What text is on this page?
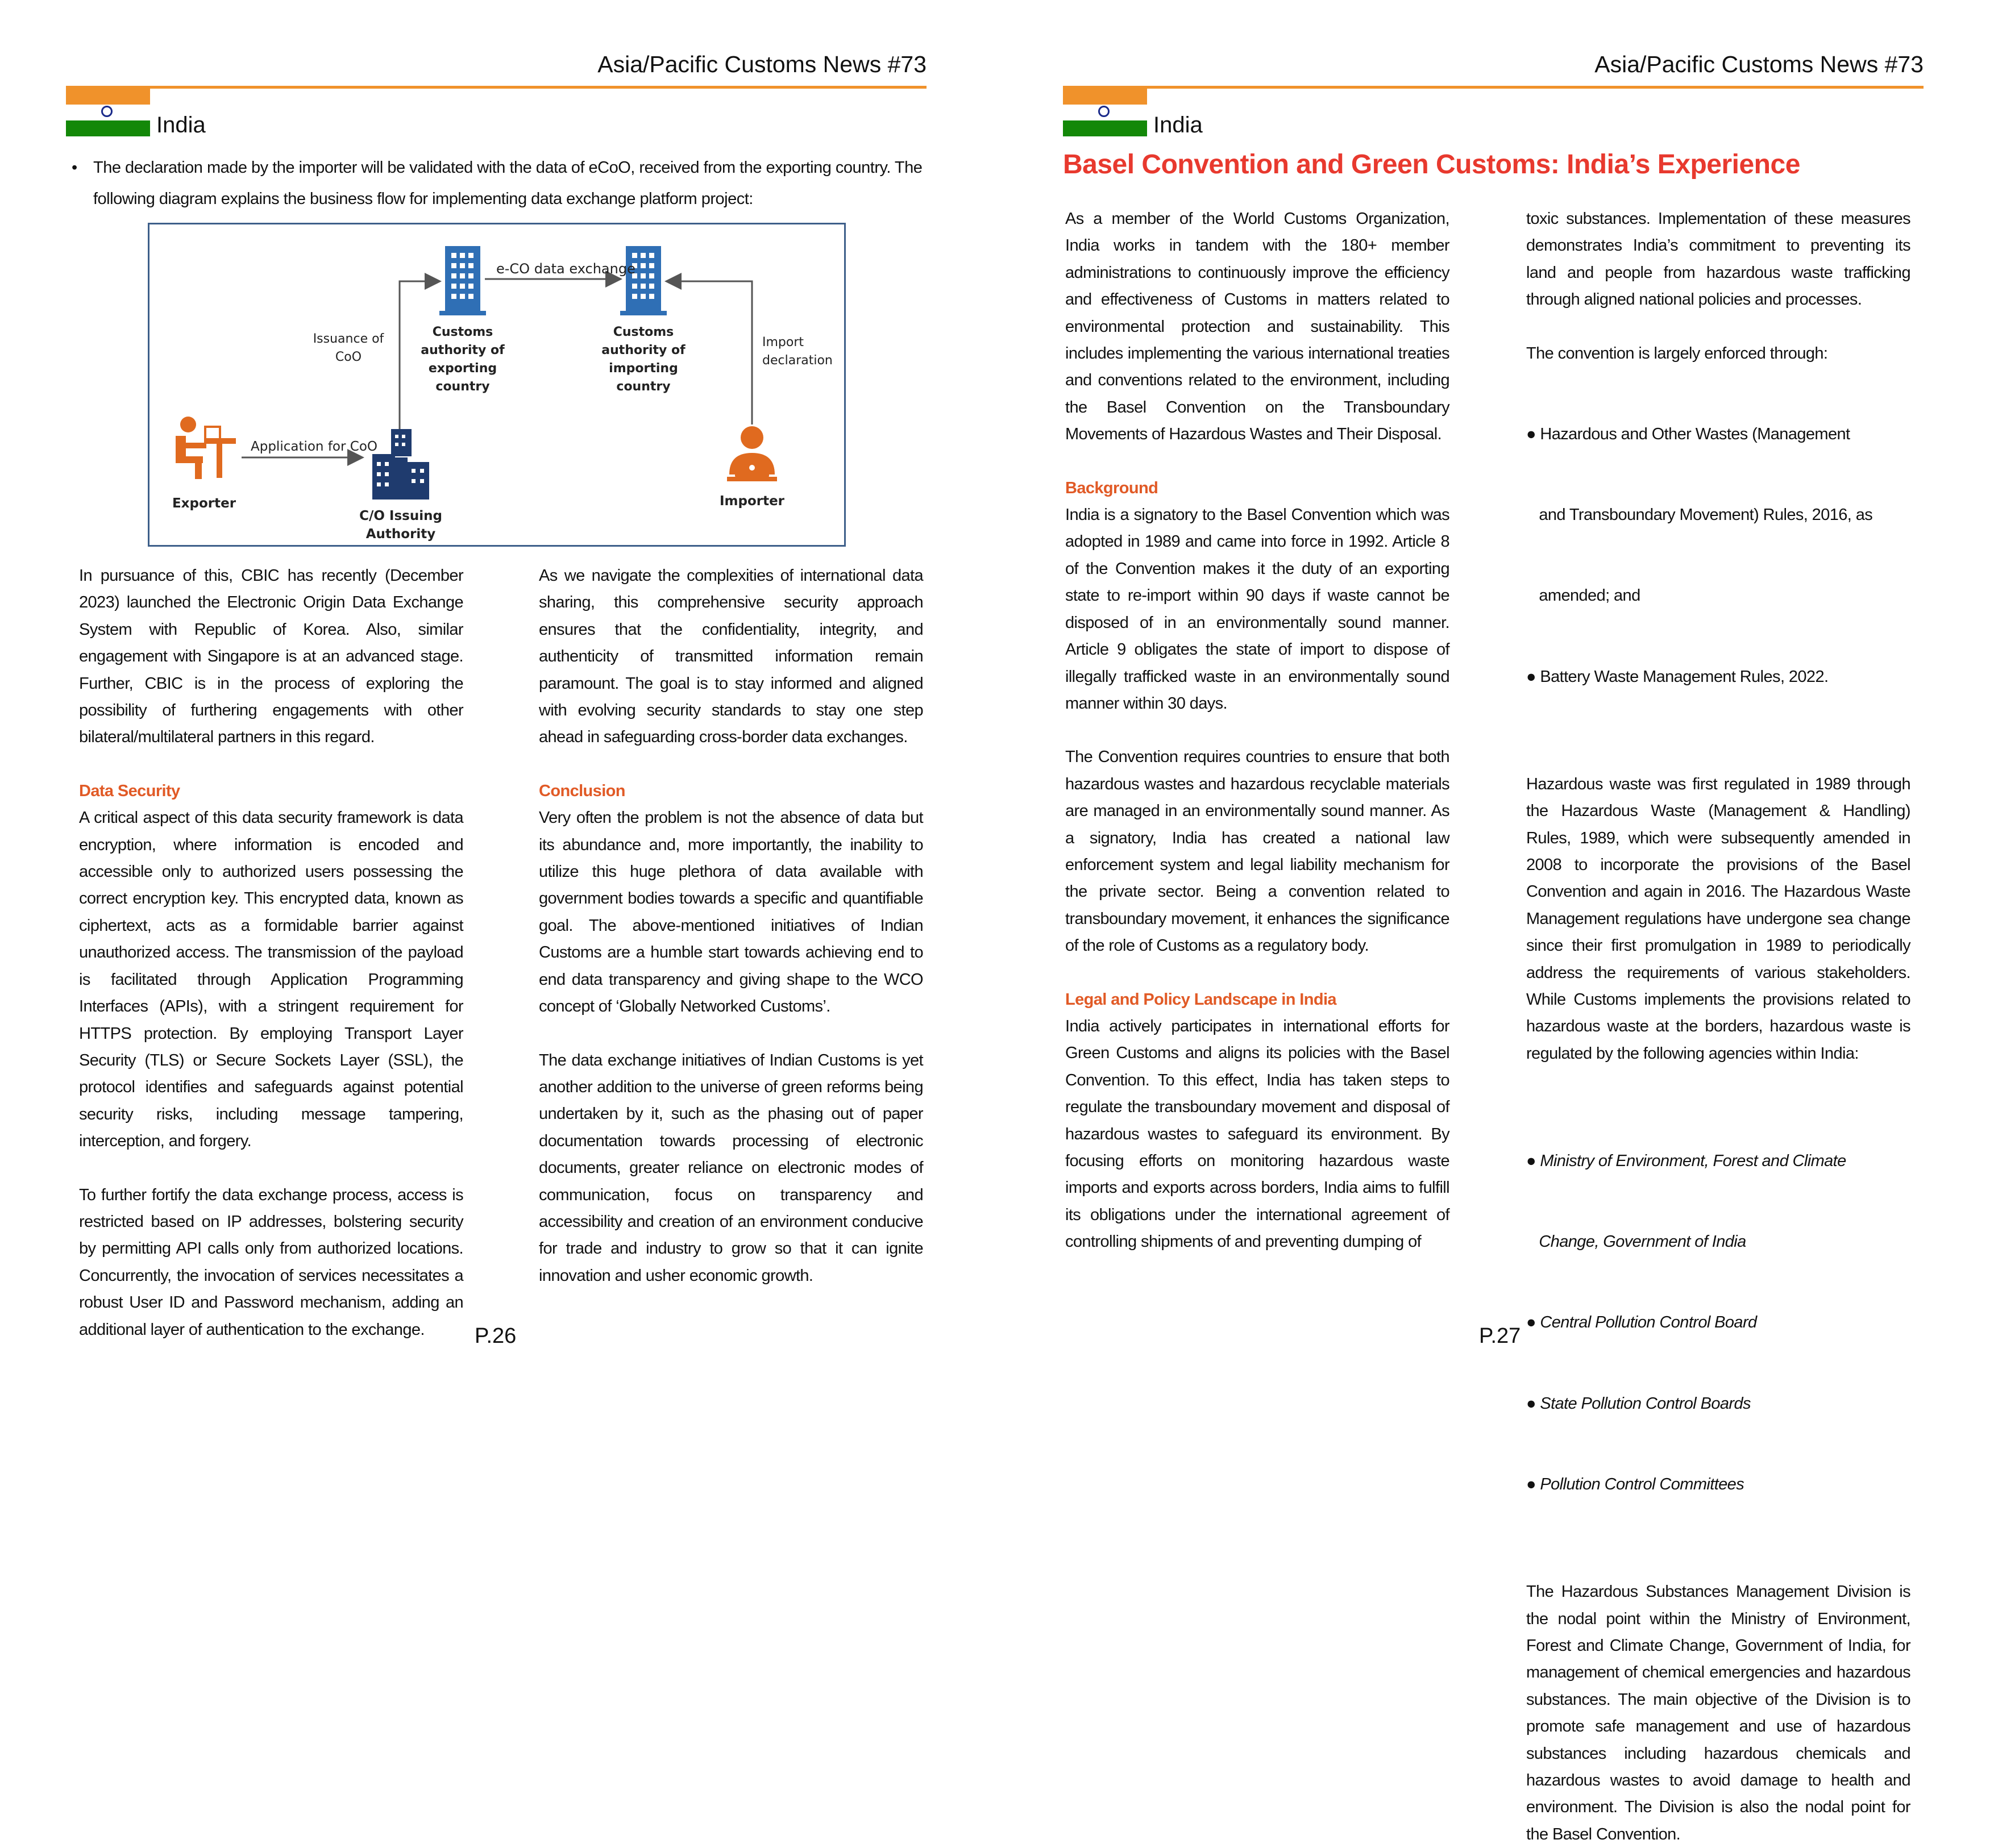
Asia/Pacific Customs News #73
India
• The declaration made by the importer will be validated with the data of eCoO, received from the exporting country. The following diagram explains the business flow for implementing data exchange platform project:
e-CO data exchange
Customs
authority of
exporting
country
Customs
authority of
importing
country
Issuance of
CoO
Import
declaration
Exporter
Application for CoO
C/O Issuing
Authority
Importer

In pursuance of this, CBIC has recently (December 2023) launched the Electronic Origin Data Exchange System with Republic of Korea. Also, similar engagement with Singapore is at an advanced stage. Further, CBIC is in the process of exploring the possibility of furthering engagements with other bilateral/multilateral partners in this regard.

Data Security

A critical aspect of this data security framework is data encryption, where information is encoded and accessible only to authorized users possessing the correct encryption key. This encrypted data, known as ciphertext, acts as a formidable barrier against unauthorized access. The transmission of the payload is facilitated through Application Programming Interfaces (APIs), with a stringent requirement for HTTPS protection. By employing Transport Layer Security (TLS) or Secure Sockets Layer (SSL), the protocol identifies and safeguards against potential security risks, including message tampering, interception, and forgery.

To further fortify the data exchange process, access is restricted based on IP addresses, bolstering security by permitting API calls only from authorized locations. Concurrently, the invocation of services necessitates a robust User ID and Password mechanism, adding an additional layer of authentication to the exchange.

As we navigate the complexities of international data sharing, this comprehensive security approach ensures that the confidentiality, integrity, and authenticity of transmitted information remain paramount. The goal is to stay informed and aligned with evolving security standards to stay one step ahead in safeguarding cross-border data exchanges.

Conclusion

Very often the problem is not the absence of data but its abundance and, more importantly, the inability to utilize this huge plethora of data available with government bodies towards a specific and quantifiable goal. The above-mentioned initiatives of Indian Customs are a humble start towards achieving end to end data transparency and giving shape to the WCO concept of ‘Globally Networked Customs’.

The data exchange initiatives of Indian Customs is yet another addition to the universe of green reforms being undertaken by it, such as the phasing out of paper documentation towards processing of electronic documents, greater reliance on electronic modes of communication, focus on transparency and accessibility and creation of an environment conducive for trade and industry to grow so that it can ignite innovation and usher economic growth.

P.26
Asia/Pacific Customs News #73
India
Basel Convention and Green Customs: India’s Experience

As a member of the World Customs Organization, India works in tandem with the 180+ member administrations to continuously improve the efficiency and effectiveness of Customs in matters related to environmental protection and sustainability. This includes implementing the various international treaties and conventions related to the environment, including the Basel Convention on the Transboundary Movements of Hazardous Wastes and Their Disposal.

Background

India is a signatory to the Basel Convention which was adopted in 1989 and came into force in 1992. Article 8 of the Convention makes it the duty of an exporting state to re-import within 90 days if waste cannot be disposed of in an environmentally sound manner. Article 9 obligates the state of import to dispose of illegally trafficked waste in an environmentally sound manner within 30 days.

The Convention requires countries to ensure that both hazardous wastes and hazardous recyclable materials are managed in an environmentally sound manner. As a signatory, India has created a national law enforcement system and legal liability mechanism for the private sector. Being a convention related to transboundary movement, it enhances the significance of the role of Customs as a regulatory body.

Legal and Policy Landscape in India

India actively participates in international efforts for Green Customs and aligns its policies with the Basel Convention. To this effect, India has taken steps to regulate the transboundary movement and disposal of hazardous wastes to safeguard its environment. By focusing efforts on monitoring hazardous waste imports and exports across borders, India aims to fulfill its obligations under the international agreement of controlling shipments of and preventing dumping of

toxic substances. Implementation of these measures demonstrates India’s commitment to preventing its land and people from hazardous waste trafficking through aligned national policies and processes.

The convention is largely enforced through:

● Hazardous and Other Wastes (Management

and Transboundary Movement) Rules, 2016, as

amended; and

● Battery Waste Management Rules, 2022.

Hazardous waste was first regulated in 1989 through the Hazardous Waste (Management & Handling) Rules, 1989, which were subsequently amended in 2008 to incorporate the provisions of the Basel Convention and again in 2016. The Hazardous Waste Management regulations have undergone sea change since their first promulgation in 1989 to periodically address the requirements of various stakeholders. While Customs implements the provisions related to hazardous waste at the borders, hazardous waste is regulated by the following agencies within India:

● Ministry of Environment, Forest and Climate

Change, Government of India

● Central Pollution Control Board

● State Pollution Control Boards

● Pollution Control Committees

The Hazardous Substances Management Division is the nodal point within the Ministry of Environment, Forest and Climate Change, Government of India, for management of chemical emergencies and hazardous substances. The main objective of the Division is to promote safe management and use of hazardous substances including hazardous chemicals and hazardous wastes to avoid damage to health and environment. The Division is also the nodal point for the Basel Convention.

P.27
